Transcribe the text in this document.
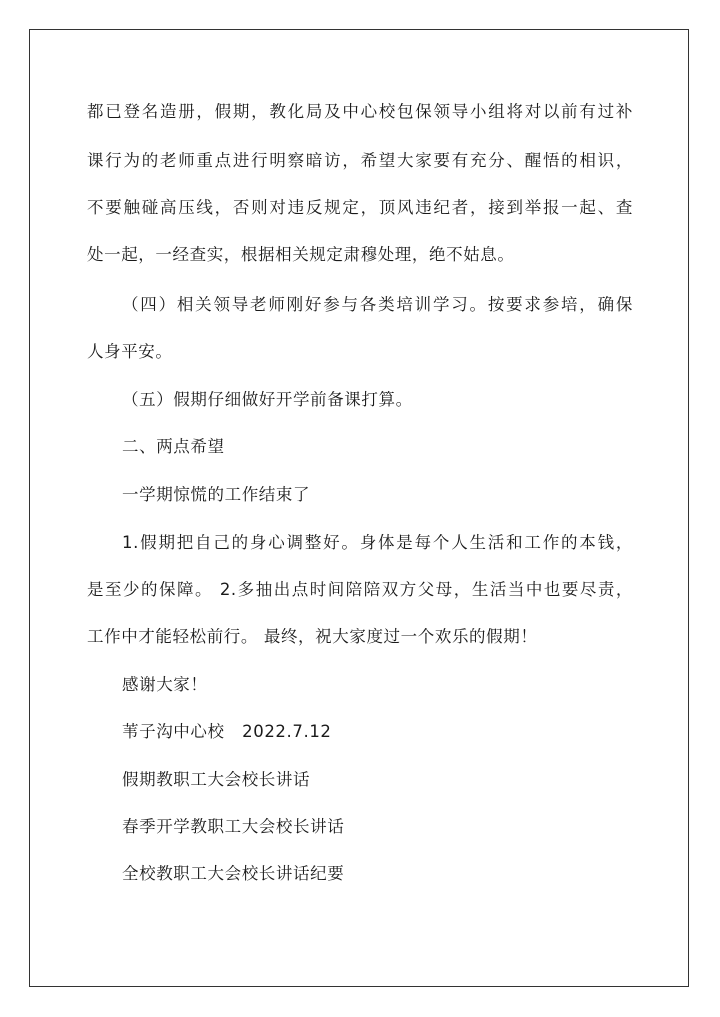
都已登名造册，假期，教化局及中心校包保领导小组将对以前有过补
课行为的老师重点进行明察暗访，希望大家要有充分、醒悟的相识，
不要触碰高压线，否则对违反规定，顶风违纪者，接到举报一起、查
处一起，一经查实，根据相关规定肃穆处理，绝不姑息。
（四）相关领导老师刚好参与各类培训学习。按要求参培，确保
人身平安。
（五）假期仔细做好开学前备课打算。
二、两点希望
一学期惊慌的工作结束了
1.假期把自己的身心调整好。身体是每个人生活和工作的本钱，
是至少的保障。 2.多抽出点时间陪陪双方父母，生活当中也要尽责，
工作中才能轻松前行。 最终，祝大家度过一个欢乐的假期！
感谢大家！
苇子沟中心校   2022.7.12
假期教职工大会校长讲话
春季开学教职工大会校长讲话
全校教职工大会校长讲话纪要
